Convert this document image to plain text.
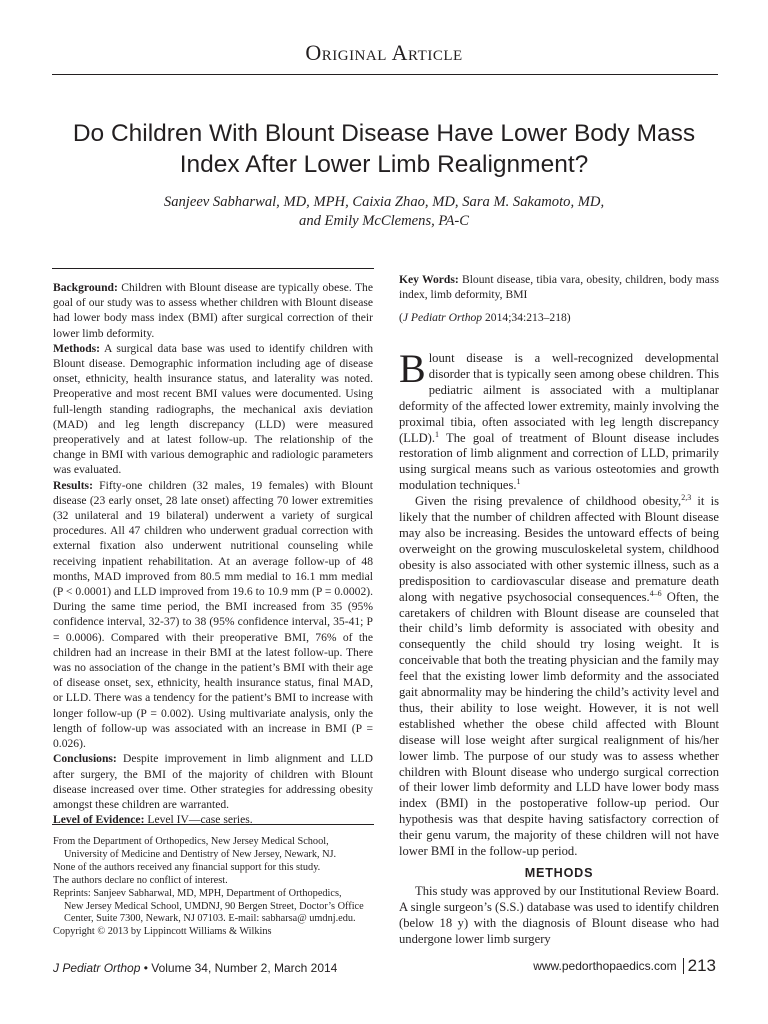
Original Article
Do Children With Blount Disease Have Lower Body Mass Index After Lower Limb Realignment?
Sanjeev Sabharwal, MD, MPH, Caixia Zhao, MD, Sara M. Sakamoto, MD,
and Emily McClemens, PA-C

Background: Children with Blount disease are typically obese. The goal of our study was to assess whether children with Blount disease had lower body mass index (BMI) after surgical correction of their lower limb deformity.

Methods: A surgical data base was used to identify children with Blount disease. Demographic information including age of disease onset, ethnicity, health insurance status, and laterality was noted. Preoperative and most recent BMI values were documented. Using full-length standing radiographs, the mechanical axis deviation (MAD) and leg length discrepancy (LLD) were measured preoperatively and at latest follow-up. The relationship of the change in BMI with various demographic and radiologic parameters was evaluated.

Results: Fifty-one children (32 males, 19 females) with Blount disease (23 early onset, 28 late onset) affecting 70 lower extremities (32 unilateral and 19 bilateral) underwent a variety of surgical procedures. All 47 children who underwent gradual correction with external fixation also underwent nutritional counseling while receiving inpatient rehabilitation. At an average follow-up of 48 months, MAD improved from 80.5 mm medial to 16.1 mm medial (P < 0.0001) and LLD improved from 19.6 to 10.9 mm (P = 0.0002). During the same time period, the BMI increased from 35 (95% confidence interval, 32-37) to 38 (95% confidence interval, 35-41; P = 0.0006). Compared with their preoperative BMI, 76% of the children had an increase in their BMI at the latest follow-up. There was no association of the change in the patient’s BMI with their age of disease onset, sex, ethnicity, health insurance status, final MAD, or LLD. There was a tendency for the patient’s BMI to increase with longer follow-up (P = 0.002). Using multivariate analysis, only the length of follow-up was associated with an increase in BMI (P = 0.026).

Conclusions: Despite improvement in limb alignment and LLD after surgery, the BMI of the majority of children with Blount disease increased over time. Other strategies for addressing obesity amongst these children are warranted.

Level of Evidence: Level IV—case series.

From the Department of Orthopedics, New Jersey Medical School,

University of Medicine and Dentistry of New Jersey, Newark, NJ.

None of the authors received any financial support for this study.

The authors declare no conflict of interest.

Reprints: Sanjeev Sabharwal, MD, MPH, Department of Orthopedics,

New Jersey Medical School, UMDNJ, 90 Bergen Street, Doctor’s Office Center, Suite 7300, Newark, NJ 07103. E-mail: sabharsa@ umdnj.edu.

Copyright © 2013 by Lippincott Williams & Wilkins

Key Words: Blount disease, tibia vara, obesity, children, body mass index, limb deformity, BMI

(J Pediatr Orthop 2014;34:213–218)

Blount disease is a well-recognized developmental disorder that is typically seen among obese children. This pediatric ailment is associated with a multiplanar deformity of the affected lower extremity, mainly involving the proximal tibia, often associated with leg length discrepancy (LLD).$^1$ The goal of treatment of Blount disease includes restoration of limb alignment and correction of LLD, primarily using surgical means such as various osteotomies and growth modulation techniques.$^1$

Given the rising prevalence of childhood obesity,$^{2,3}$ it is likely that the number of children affected with Blount disease may also be increasing. Besides the untoward effects of being overweight on the growing musculoskeletal system, childhood obesity is also associated with other systemic illness, such as a predisposition to cardiovascular disease and premature death along with negative psychosocial consequences.$^{4-6}$ Often, the caretakers of children with Blount disease are counseled that their child’s limb deformity is associated with obesity and consequently the child should try losing weight. It is conceivable that both the treating physician and the family may feel that the existing lower limb deformity and the associated gait abnormality may be hindering the child’s activity level and thus, their ability to lose weight. However, it is not well established whether the obese child affected with Blount disease will lose weight after surgical realignment of his/her lower limb. The purpose of our study was to assess whether children with Blount disease who undergo surgical correction of their lower limb deformity and LLD have lower body mass index (BMI) in the postoperative follow-up period. Our hypothesis was that despite having satisfactory correction of their genu varum, the majority of these children will not have lower BMI in the follow-up period.

METHODS
This study was approved by our Institutional Review Board. A single surgeon’s (S.S.) database was used to identify children (below 18 y) with the diagnosis of Blount disease who had undergone lower limb surgery
J Pediatr Orthop • Volume 34, Number 2, March 2014	www.pedorthopaedics.com 213
